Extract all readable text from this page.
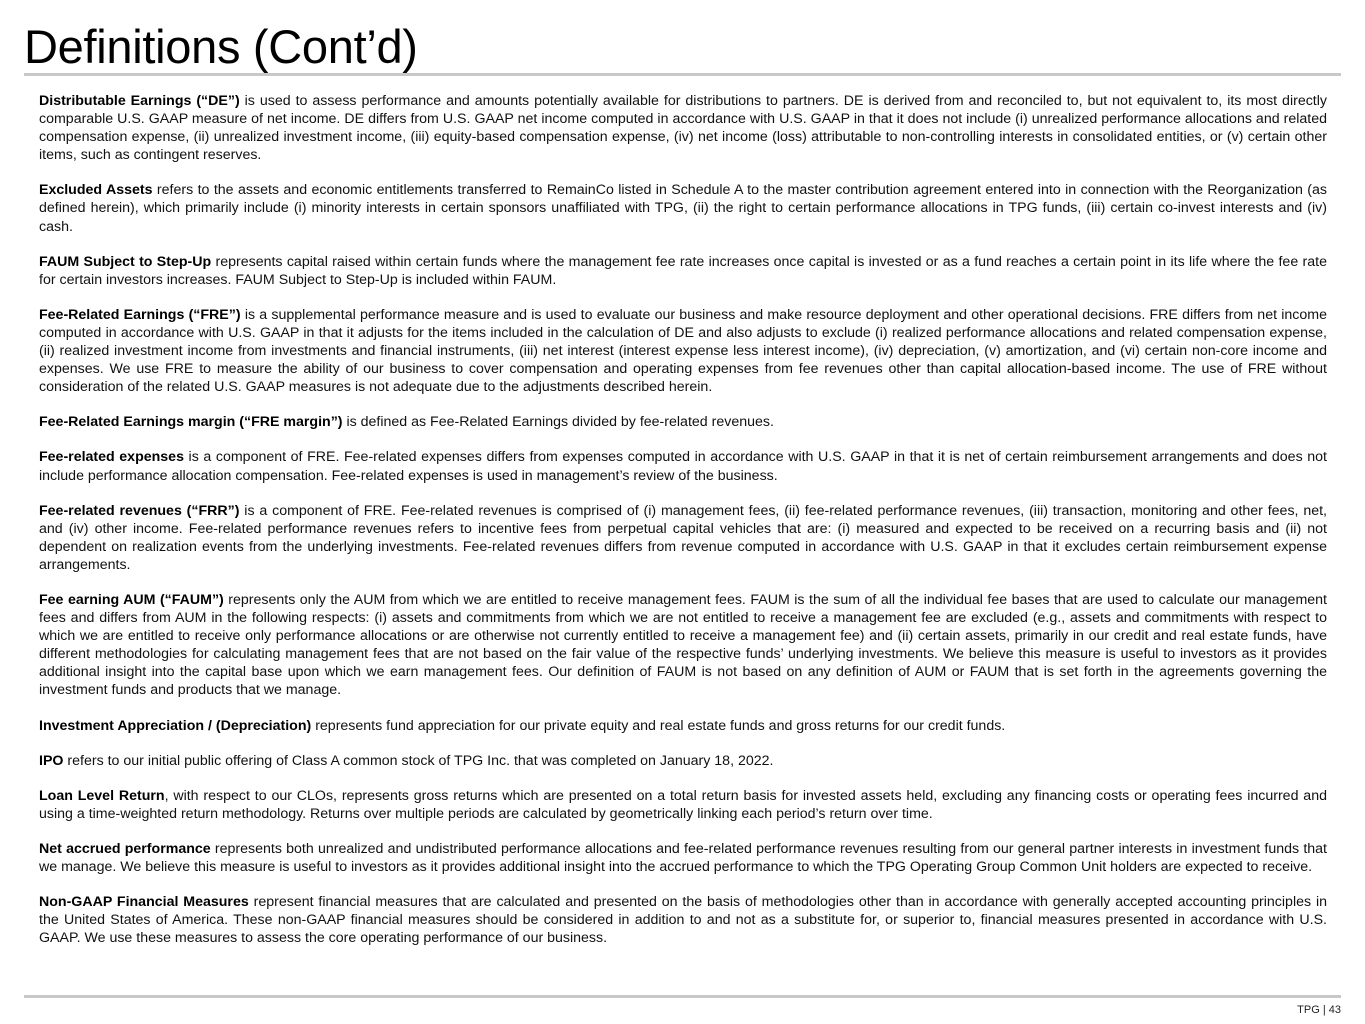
Definitions (Cont’d)

Distributable Earnings (“DE”) is used to assess performance and amounts potentially available for distributions to partners. DE is derived from and reconciled to, but not equivalent to, its most directly comparable U.S. GAAP measure of net income. DE differs from U.S. GAAP net income computed in accordance with U.S. GAAP in that it does not include (i) unrealized performance allocations and related compensation expense, (ii) unrealized investment income, (iii) equity-based compensation expense, (iv) net income (loss) attributable to non-controlling interests in consolidated entities, or (v) certain other items, such as contingent reserves.

Excluded Assets refers to the assets and economic entitlements transferred to RemainCo listed in Schedule A to the master contribution agreement entered into in connection with the Reorganization (as defined herein), which primarily include (i) minority interests in certain sponsors unaffiliated with TPG, (ii) the right to certain performance allocations in TPG funds, (iii) certain co-invest interests and (iv) cash.

FAUM Subject to Step-Up represents capital raised within certain funds where the management fee rate increases once capital is invested or as a fund reaches a certain point in its life where the fee rate for certain investors increases. FAUM Subject to Step-Up is included within FAUM.

Fee-Related Earnings (“FRE”) is a supplemental performance measure and is used to evaluate our business and make resource deployment and other operational decisions. FRE differs from net income computed in accordance with U.S. GAAP in that it adjusts for the items included in the calculation of DE and also adjusts to exclude (i) realized performance allocations and related compensation expense, (ii) realized investment income from investments and financial instruments, (iii) net interest (interest expense less interest income), (iv) depreciation, (v) amortization, and (vi) certain non-core income and expenses. We use FRE to measure the ability of our business to cover compensation and operating expenses from fee revenues other than capital allocation-based income. The use of FRE without consideration of the related U.S. GAAP measures is not adequate due to the adjustments described herein.

Fee-Related Earnings margin (“FRE margin”) is defined as Fee-Related Earnings divided by fee-related revenues.

Fee-related expenses is a component of FRE. Fee-related expenses differs from expenses computed in accordance with U.S. GAAP in that it is net of certain reimbursement arrangements and does not include performance allocation compensation. Fee-related expenses is used in management’s review of the business.

Fee-related revenues (“FRR”) is a component of FRE. Fee-related revenues is comprised of (i) management fees, (ii) fee-related performance revenues, (iii) transaction, monitoring and other fees, net, and (iv) other income. Fee-related performance revenues refers to incentive fees from perpetual capital vehicles that are: (i) measured and expected to be received on a recurring basis and (ii) not dependent on realization events from the underlying investments. Fee-related revenues differs from revenue computed in accordance with U.S. GAAP in that it excludes certain reimbursement expense arrangements.

Fee earning AUM (“FAUM”) represents only the AUM from which we are entitled to receive management fees. FAUM is the sum of all the individual fee bases that are used to calculate our management fees and differs from AUM in the following respects: (i) assets and commitments from which we are not entitled to receive a management fee are excluded (e.g., assets and commitments with respect to which we are entitled to receive only performance allocations or are otherwise not currently entitled to receive a management fee) and (ii) certain assets, primarily in our credit and real estate funds, have different methodologies for calculating management fees that are not based on the fair value of the respective funds’ underlying investments. We believe this measure is useful to investors as it provides additional insight into the capital base upon which we earn management fees. Our definition of FAUM is not based on any definition of AUM or FAUM that is set forth in the agreements governing the investment funds and products that we manage.

Investment Appreciation / (Depreciation) represents fund appreciation for our private equity and real estate funds and gross returns for our credit funds.

IPO refers to our initial public offering of Class A common stock of TPG Inc. that was completed on January 18, 2022.

Loan Level Return, with respect to our CLOs, represents gross returns which are presented on a total return basis for invested assets held, excluding any financing costs or operating fees incurred and using a time-weighted return methodology. Returns over multiple periods are calculated by geometrically linking each period’s return over time.

Net accrued performance represents both unrealized and undistributed performance allocations and fee-related performance revenues resulting from our general partner interests in investment funds that we manage. We believe this measure is useful to investors as it provides additional insight into the accrued performance to which the TPG Operating Group Common Unit holders are expected to receive.

Non-GAAP Financial Measures represent financial measures that are calculated and presented on the basis of methodologies other than in accordance with generally accepted accounting principles in the United States of America. These non-GAAP financial measures should be considered in addition to and not as a substitute for, or superior to, financial measures presented in accordance with U.S. GAAP. We use these measures to assess the core operating performance of our business.

TPG | 43
